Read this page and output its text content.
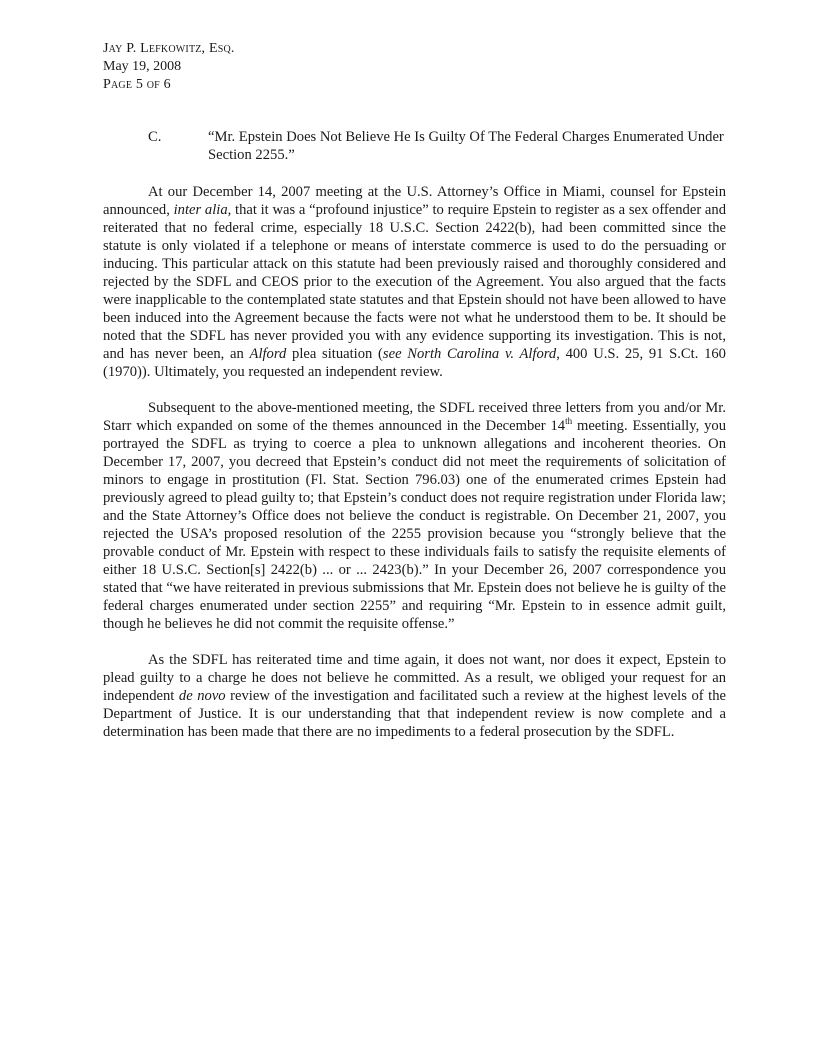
Jay P. Lefkowitz, Esq.
May 19, 2008
Page 5 of 6
C.	“Mr. Epstein Does Not Believe He Is Guilty Of The Federal Charges Enumerated Under Section 2255.”

At our December 14, 2007 meeting at the U.S. Attorney’s Office in Miami, counsel for Epstein announced, inter alia, that it was a “profound injustice” to require Epstein to register as a sex offender and reiterated that no federal crime, especially 18 U.S.C. Section 2422(b), had been committed since the statute is only violated if a telephone or means of interstate commerce is used to do the persuading or inducing. This particular attack on this statute had been previously raised and thoroughly considered and rejected by the SDFL and CEOS prior to the execution of the Agreement. You also argued that the facts were inapplicable to the contemplated state statutes and that Epstein should not have been allowed to have been induced into the Agreement because the facts were not what he understood them to be. It should be noted that the SDFL has never provided you with any evidence supporting its investigation. This is not, and has never been, an Alford plea situation (see North Carolina v. Alford, 400 U.S. 25, 91 S.Ct. 160 (1970)). Ultimately, you requested an independent review.

Subsequent to the above-mentioned meeting, the SDFL received three letters from you and/or Mr. Starr which expanded on some of the themes announced in the December 14th meeting. Essentially, you portrayed the SDFL as trying to coerce a plea to unknown allegations and incoherent theories. On December 17, 2007, you decreed that Epstein’s conduct did not meet the requirements of solicitation of minors to engage in prostitution (Fl. Stat. Section 796.03) one of the enumerated crimes Epstein had previously agreed to plead guilty to; that Epstein’s conduct does not require registration under Florida law; and the State Attorney’s Office does not believe the conduct is registrable. On December 21, 2007, you rejected the USA’s proposed resolution of the 2255 provision because you “strongly believe that the provable conduct of Mr. Epstein with respect to these individuals fails to satisfy the requisite elements of either 18 U.S.C. Section[s] 2422(b) ... or ... 2423(b).” In your December 26, 2007 correspondence you stated that “we have reiterated in previous submissions that Mr. Epstein does not believe he is guilty of the federal charges enumerated under section 2255” and requiring “Mr. Epstein to in essence admit guilt, though he believes he did not commit the requisite offense.”

As the SDFL has reiterated time and time again, it does not want, nor does it expect, Epstein to plead guilty to a charge he does not believe he committed. As a result, we obliged your request for an independent de novo review of the investigation and facilitated such a review at the highest levels of the Department of Justice. It is our understanding that that independent review is now complete and a determination has been made that there are no impediments to a federal prosecution by the SDFL.
